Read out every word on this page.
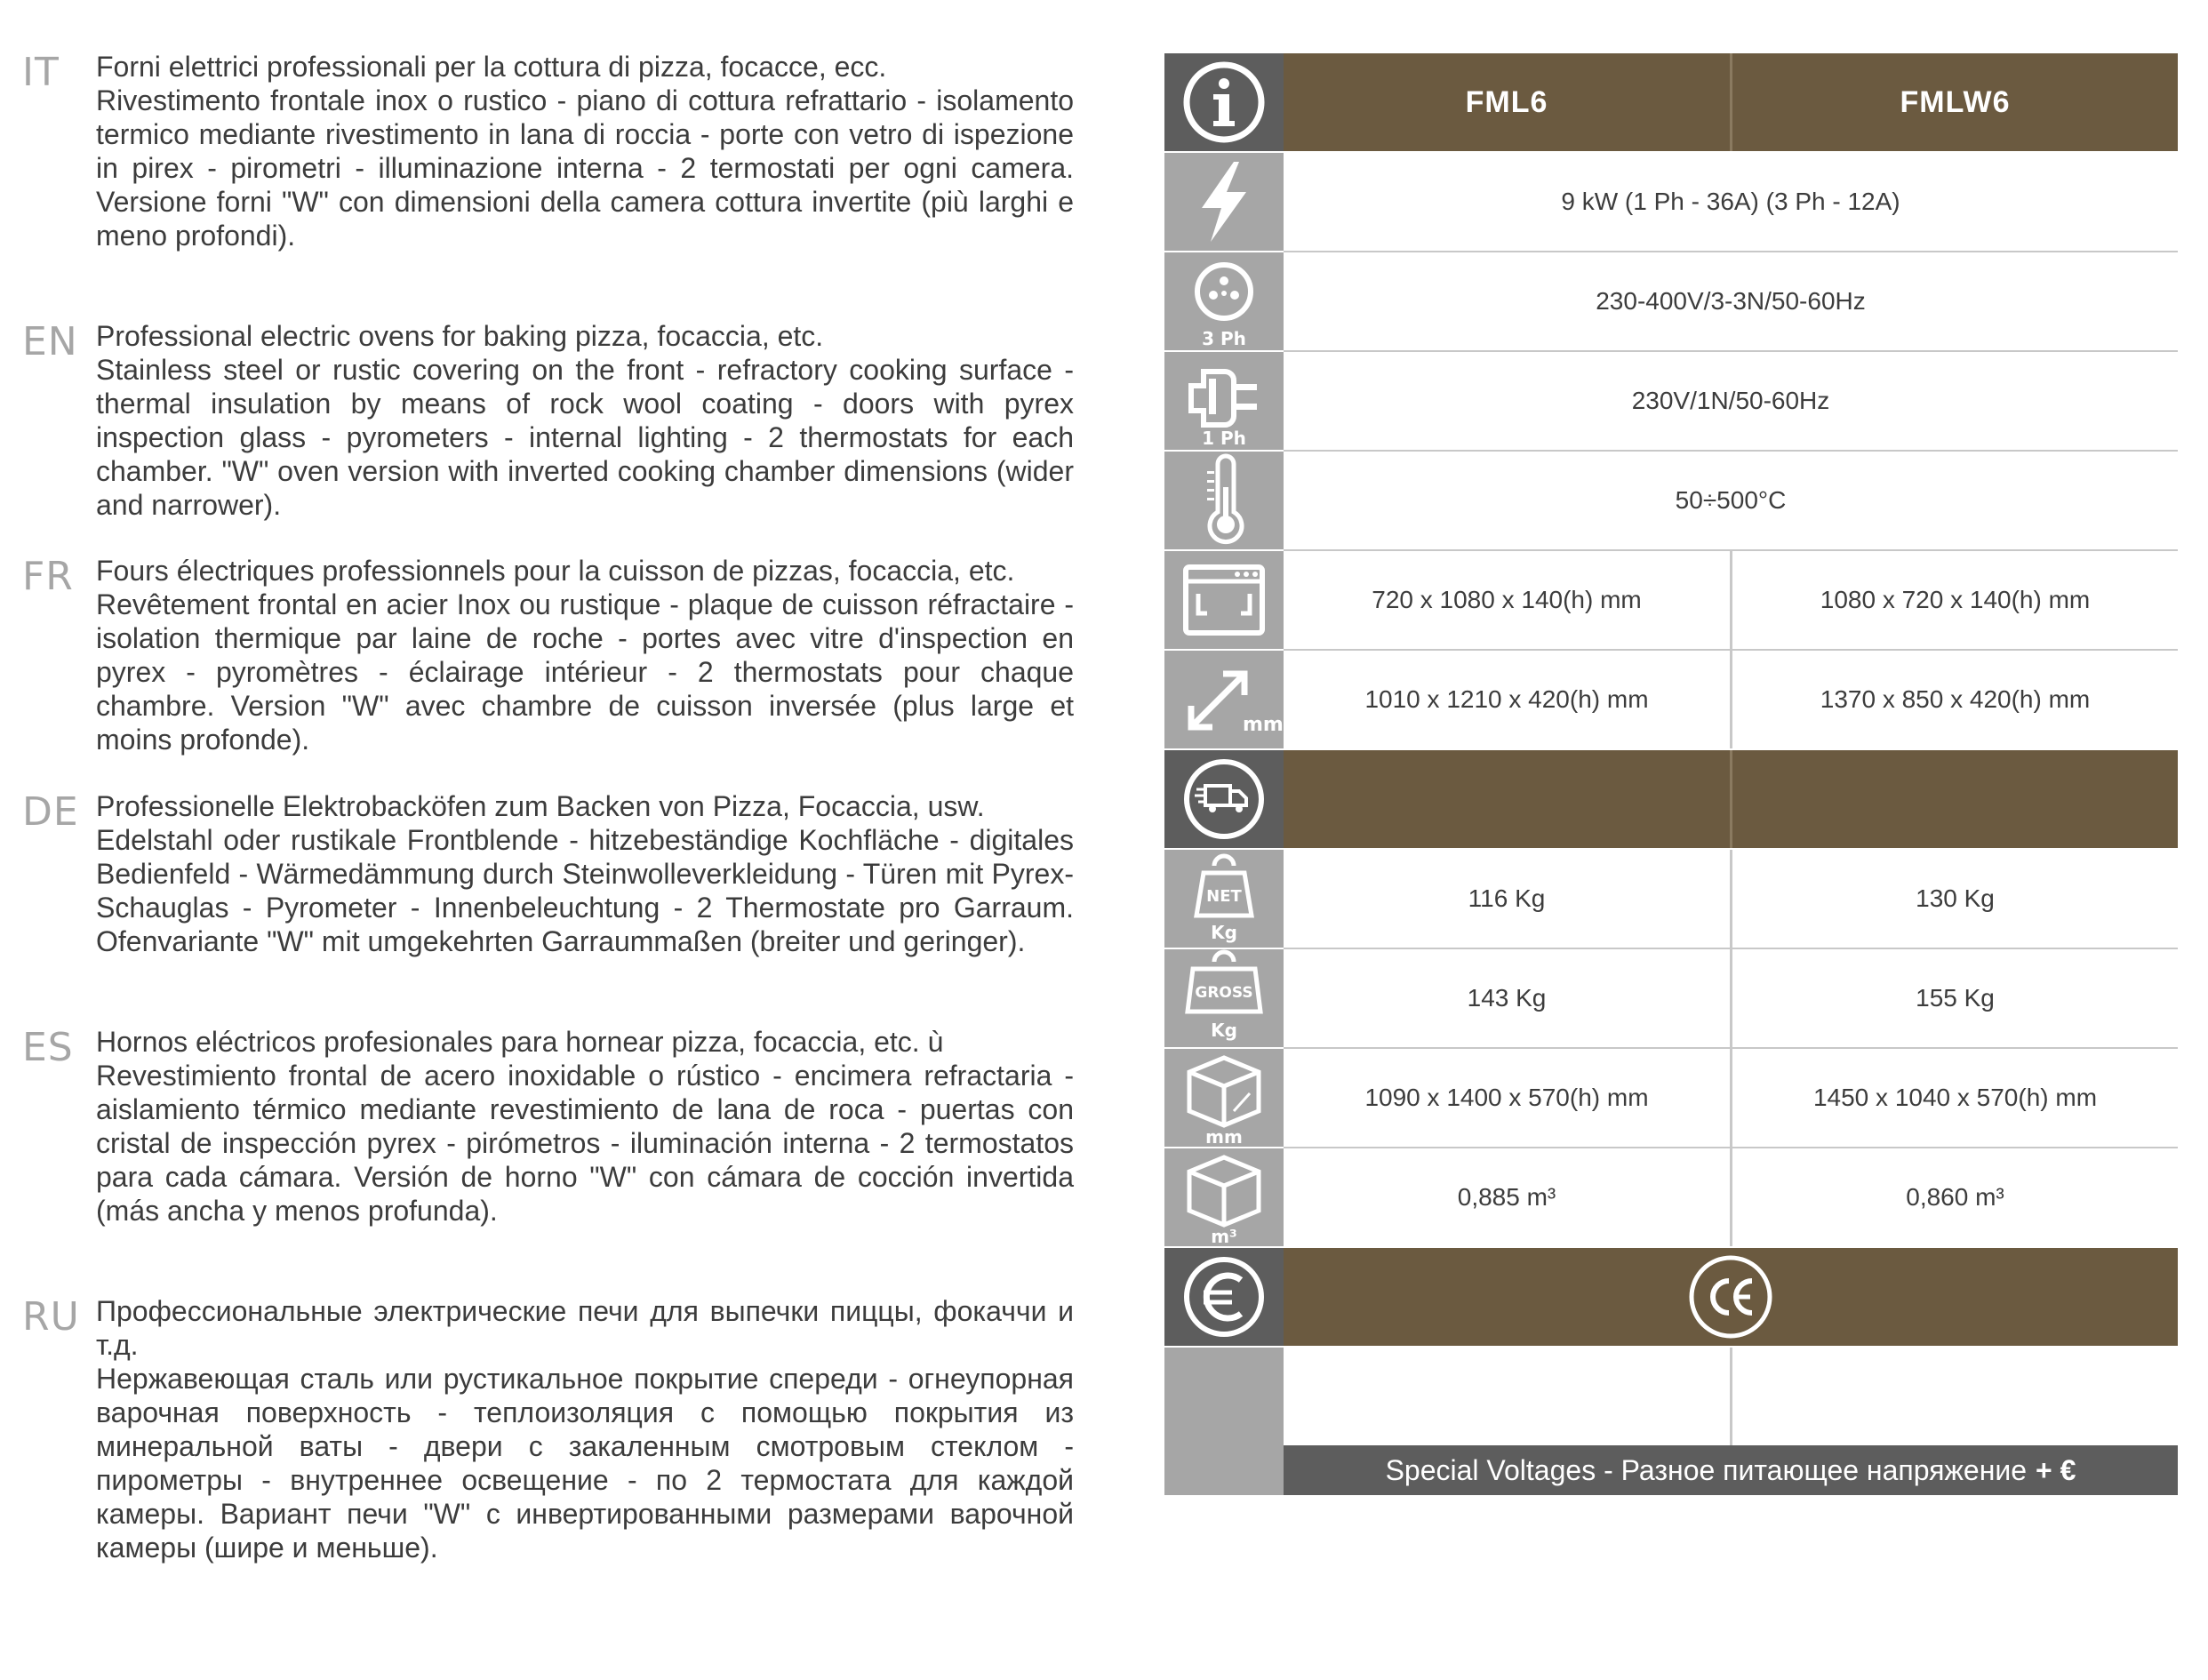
IT Forni elettrici professionali per la cottura di pizza, focacce, ecc.
Rivestimento frontale inox o rustico - piano di cottura refrattario - isolamento termico mediante rivestimento in lana di roccia - porte con vetro di ispezione in pirex - pirometri - illuminazione interna - 2 termostati per ogni camera. Versione forni "W" con dimensioni della camera cottura invertite (più larghi e meno profondi).
EN Professional electric ovens for baking pizza, focaccia, etc.
Stainless steel or rustic covering on the front - refractory cooking surface - thermal insulation by means of rock wool coating - doors with pyrex inspection glass - pyrometers - internal lighting - 2 thermostats for each chamber. "W" oven version with inverted cooking chamber dimensions (wider and narrower).
FR Fours électriques professionnels pour la cuisson de pizzas, focaccia, etc.
Revêtement frontal en acier Inox ou rustique - plaque de cuisson réfractaire - isolation thermique par laine de roche - portes avec vitre d'inspection en pyrex - pyromètres - éclairage intérieur - 2 thermostats pour chaque chambre. Version "W" avec chambre de cuisson inversée (plus large et moins profonde).
DE Professionelle Elektrobacköfen zum Backen von Pizza, Focaccia, usw.
Edelstahl oder rustikale Frontblende - hitzebeständige Kochfläche - digitales Bedienfeld - Wärmedämmung durch Steinwolleverkleidung - Türen mit Pyrex-Schauglas - Pyrometer - Innenbeleuchtung - 2 Thermostate pro Garraum. Ofenvariante "W" mit umgekehrten Garraummaßen (breiter und geringer).
ES Hornos eléctricos profesionales para hornear pizza, focaccia, etc. ù
Revestimiento frontal de acero inoxidable o rústico - encimera refractaria - aislamiento térmico mediante revestimiento de lana de roca - puertas con cristal de inspección pyrex - pirómetros - iluminación interna - 2 termostatos para cada cámara. Versión de horno "W" con cámara de cocción invertida (más ancha y menos profunda).
RU Профессиональные электрические печи для выпечки пиццы, фокаччи и т.д.
Нержавеющая сталь или рустикальное покрытие спереди - огнеупорная варочная поверхность - теплоизоляция с помощью покрытия из минеральной ваты - двери с закаленным смотровым стеклом - пирометры - внутреннее освещение - по 2 термостата для каждой камеры. Вариант печи "W" с инвертированными размерами варочной камеры (шире и меньше).
FML6	FMLW6
9 kW (1 Ph - 36A) (3 Ph - 12A)
3 Ph
230-400V/3-3N/50-60Hz
1 Ph
230V/1N/50-60Hz
50÷500°C
720 x 1080 x 140(h) mm	1080 x 720 x 140(h) mm
mm
1010 x 1210 x 420(h) mm	1370 x 850 x 420(h) mm
NET
Kg
116 Kg	130 Kg
GROSS
Kg
143 Kg	155 Kg
mm
1090 x 1400 x 570(h) mm	1450 x 1040 x 570(h) mm
m³
0,885 m³	0,860 m³
Special Voltages - Разное питающее напряжение + €
